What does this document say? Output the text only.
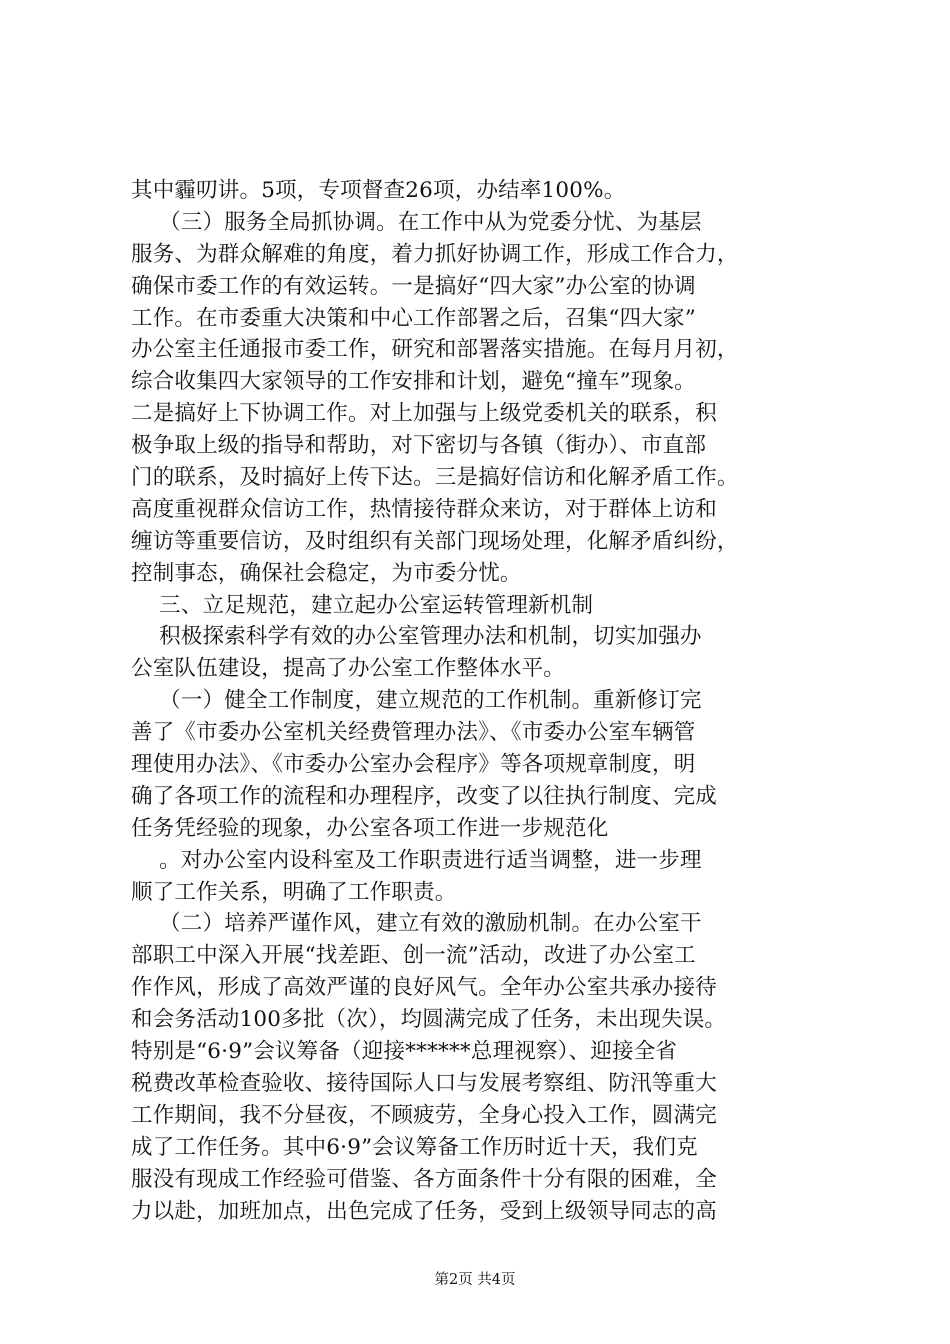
其中霾叨讲。5项，专项督查26项，办结率100%。
（三）服务全局抓协调。在工作中从为党委分忧、为基层
服务、为群众解难的角度，着力抓好协调工作，形成工作合力，
确保市委工作的有效运转。一是搞好“四大家”办公室的协调
工作。在市委重大决策和中心工作部署之后，召集“四大家”
办公室主任通报市委工作，研究和部署落实措施。在每月月初，
综合收集四大家领导的工作安排和计划，避免“撞车”现象。
二是搞好上下协调工作。对上加强与上级党委机关的联系，积
极争取上级的指导和帮助，对下密切与各镇（街办）、市直部
门的联系，及时搞好上传下达。三是搞好信访和化解矛盾工作。
高度重视群众信访工作，热情接待群众来访，对于群体上访和
缠访等重要信访，及时组织有关部门现场处理，化解矛盾纠纷，
控制事态，确保社会稳定，为市委分忧。
三、立足规范，建立起办公室运转管理新机制
积极探索科学有效的办公室管理办法和机制，切实加强办
公室队伍建设，提高了办公室工作整体水平。
（一）健全工作制度，建立规范的工作机制。重新修订完
善了《市委办公室机关经费管理办法》、《市委办公室车辆管
理使用办法》、《市委办公室办会程序》等各项规章制度，明
确了各项工作的流程和办理程序，改变了以往执行制度、完成
任务凭经验的现象，办公室各项工作进一步规范化
。对办公室内设科室及工作职责进行适当调整，进一步理
顺了工作关系，明确了工作职责。
（二）培养严谨作风，建立有效的激励机制。在办公室干
部职工中深入开展“找差距、创一流”活动，改进了办公室工
作作风，形成了高效严谨的良好风气。全年办公室共承办接待
和会务活动100多批（次），均圆满完成了任务，未出现失误。
特别是“6·9”会议筹备（迎接******总理视察）、迎接全省
税费改革检查验收、接待国际人口与发展考察组、防汛等重大
工作期间，我不分昼夜，不顾疲劳，全身心投入工作，圆满完
成了工作任务。其中6·9”会议筹备工作历时近十天，我们克
服没有现成工作经验可借鉴、各方面条件十分有限的困难，全
力以赴，加班加点，出色完成了任务，受到上级领导同志的高
第2页 共4页
